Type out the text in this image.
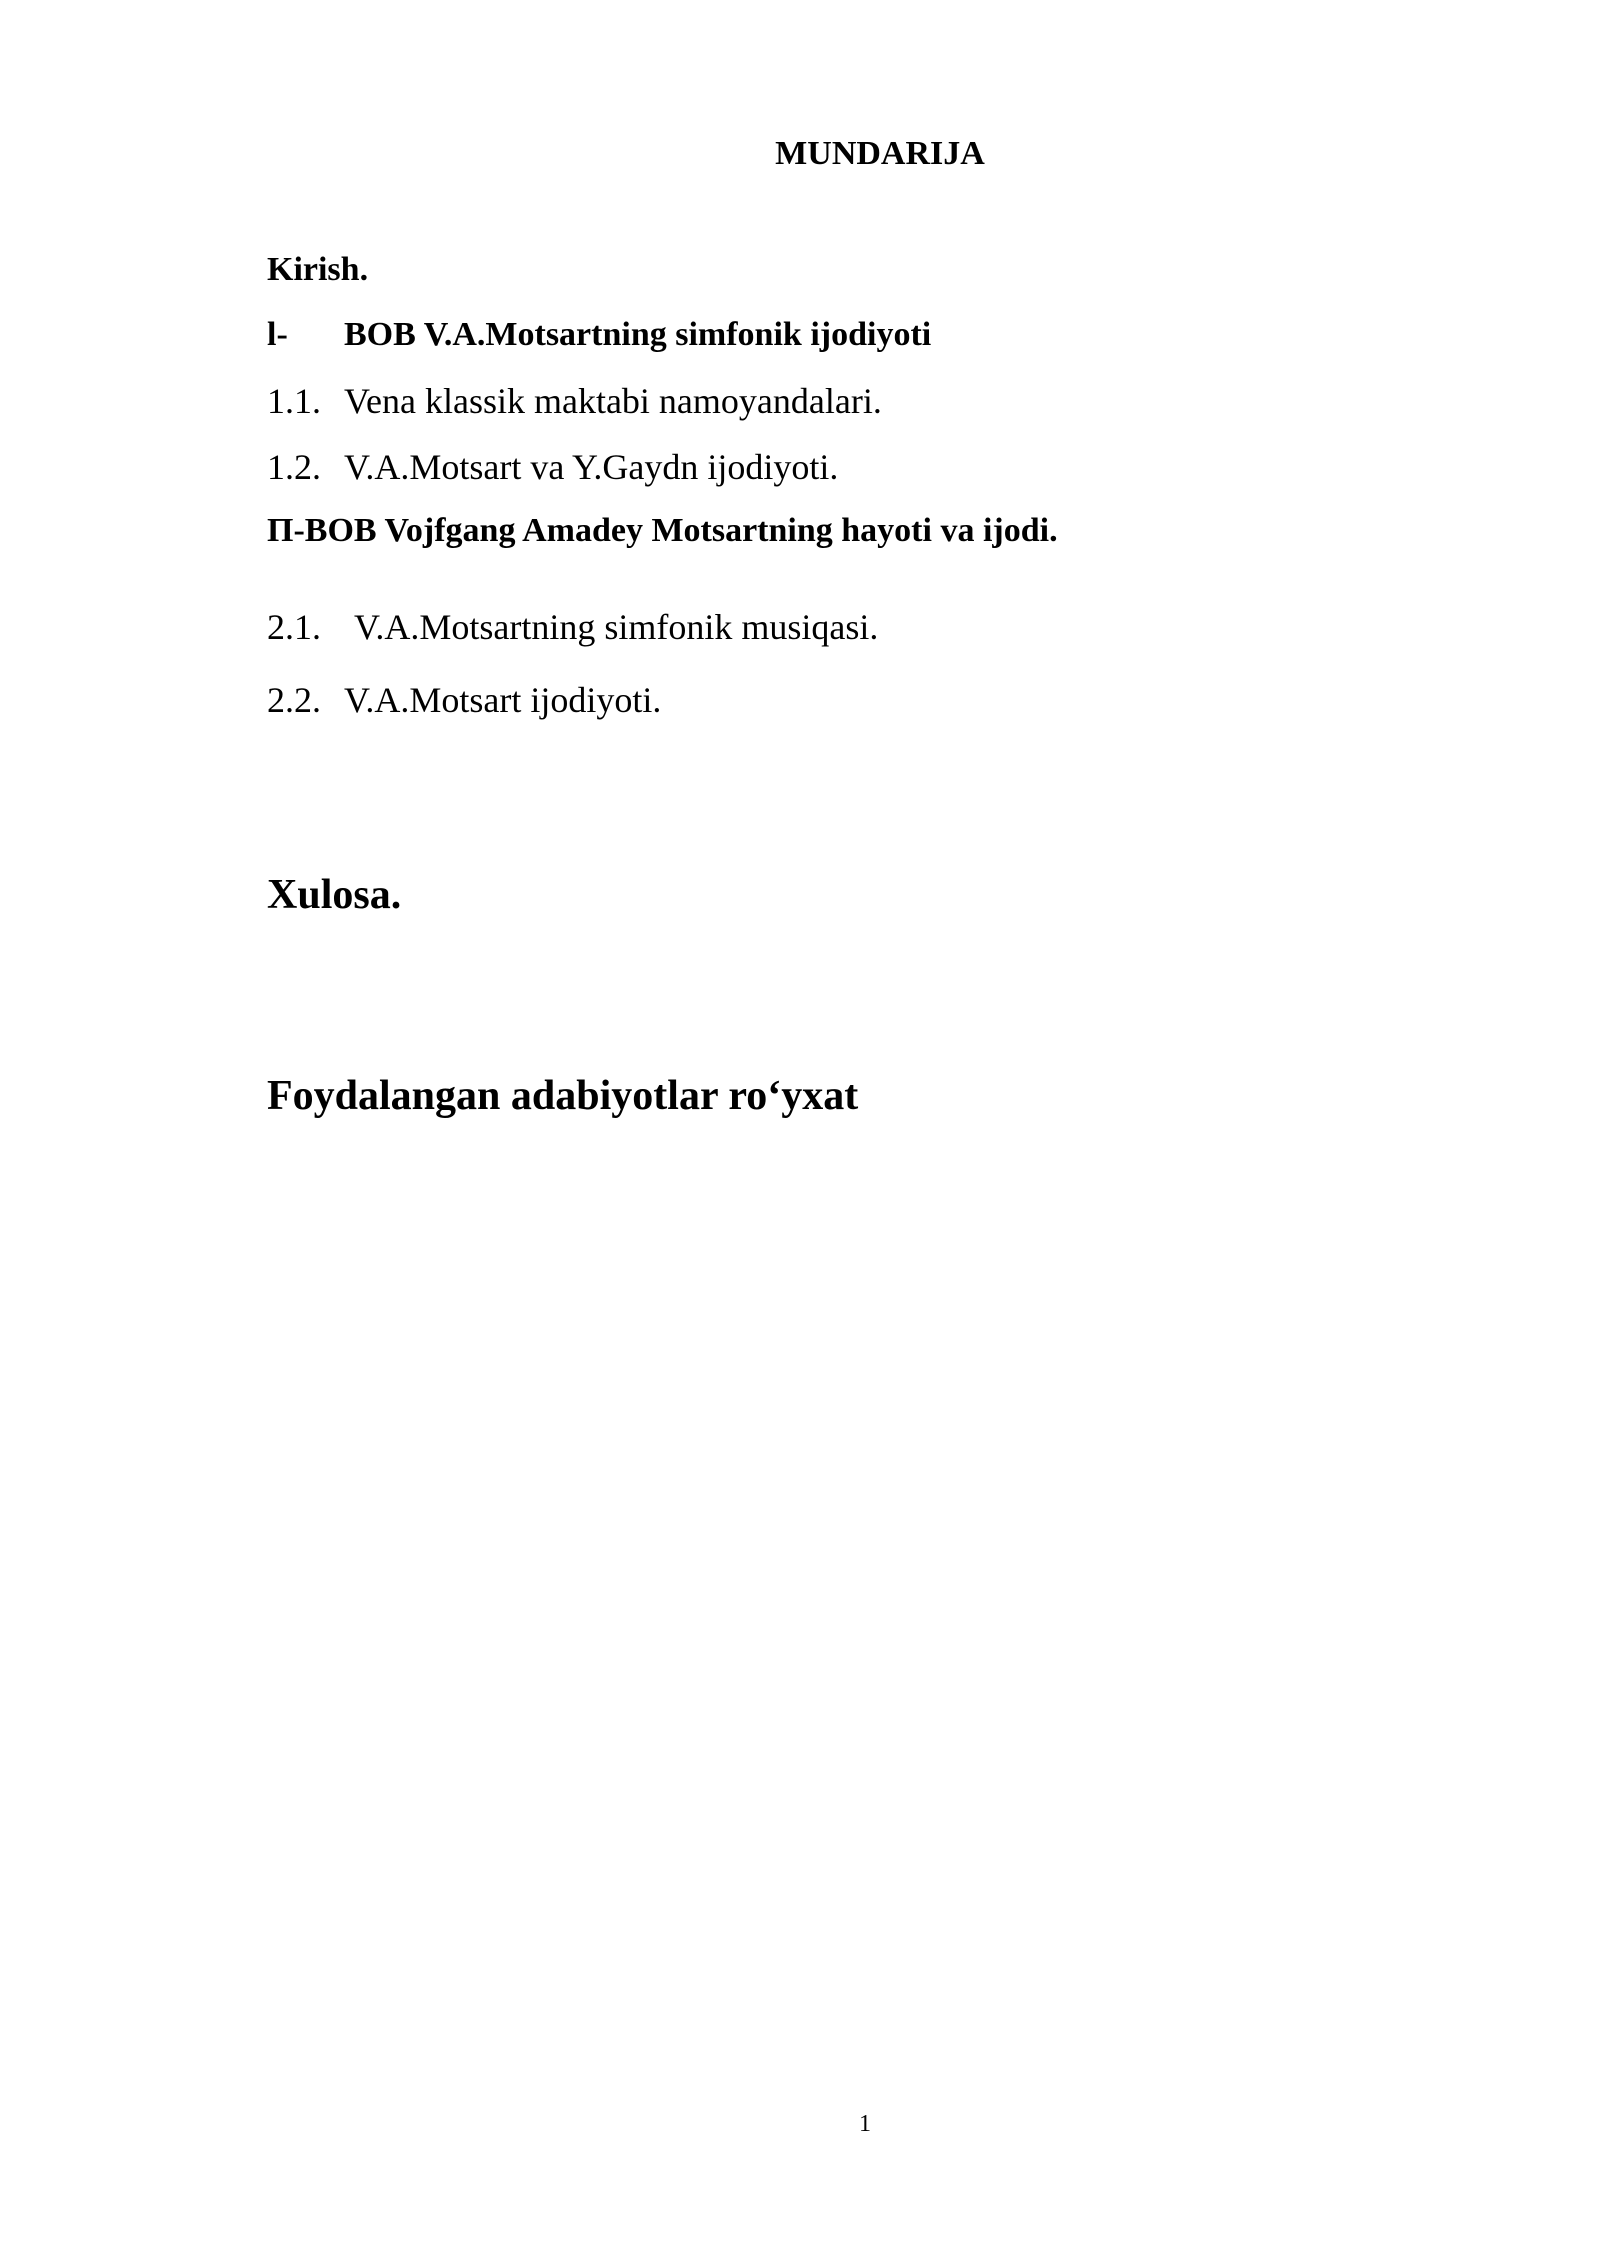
MUNDARIJA
Kirish.
l- BOB V.A.Motsartning simfonik ijodiyoti
1.1. Vena klassik maktabi namoyandalari.
1.2. V.A.Motsart va Y.Gaydn ijodiyoti.
П-BOB Vojfgang Amadey Motsartning hayoti va ijodi.
2.1. V.A.Motsartning simfonik musiqasi.
2.2. V.A.Motsart ijodiyoti.
Xulosa.
Foydalangan adabiyotlar ro‘yxat
1
